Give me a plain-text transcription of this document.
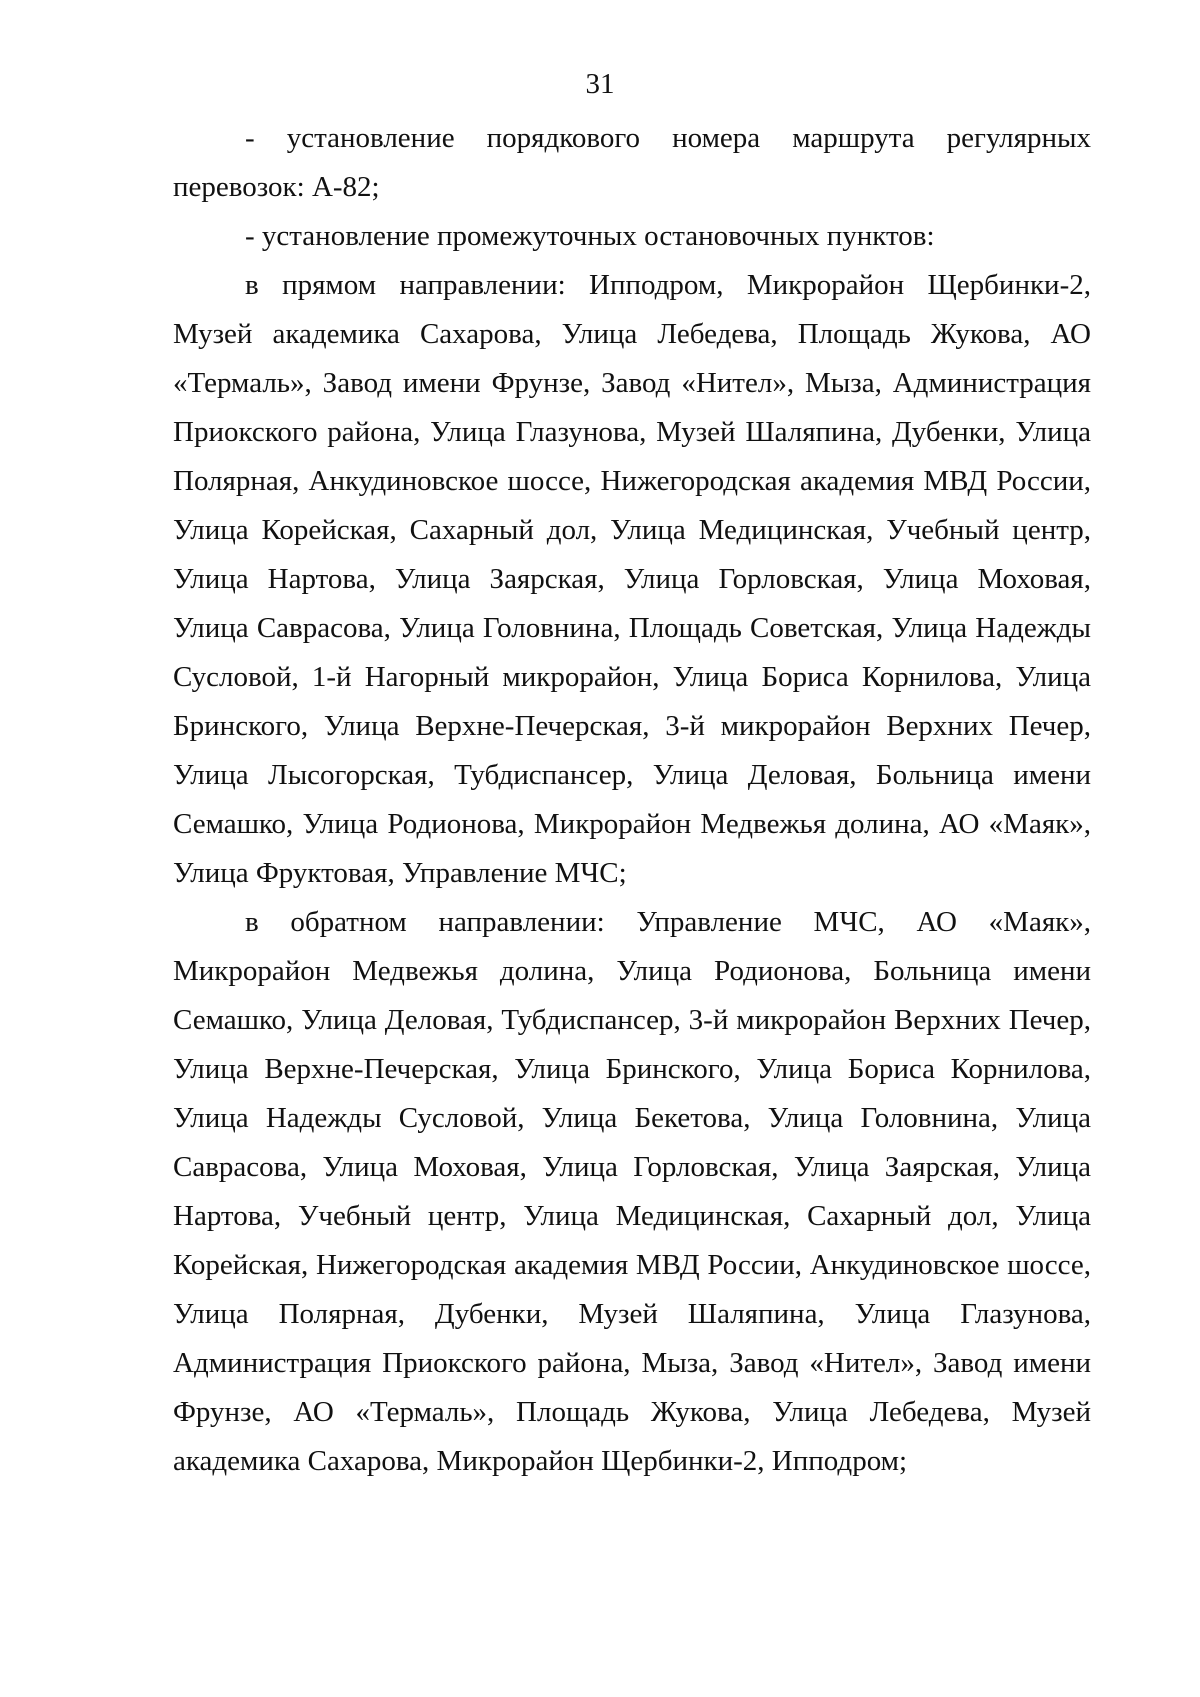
31

- установление порядкового номера маршрута регулярных перевозок: А-82;

- установление промежуточных остановочных пунктов:

в прямом направлении: Ипподром, Микрорайон Щербинки-2, Музей академика Сахарова, Улица Лебедева, Площадь Жукова, АО «Термаль», Завод имени Фрунзе, Завод «Нител», Мыза, Администрация Приокского района, Улица Глазунова, Музей Шаляпина, Дубенки, Улица Полярная, Анкудиновское шоссе, Нижегородская академия МВД России, Улица Корейская, Сахарный дол, Улица Медицинская, Учебный центр, Улица Нартова, Улица Заярская, Улица Горловская, Улица Моховая, Улица Саврасова, Улица Головнина, Площадь Советская, Улица Надежды Сусловой, 1-й Нагорный микрорайон, Улица Бориса Корнилова, Улица Бринского, Улица Верхне-Печерская, 3-й микрорайон Верхних Печер, Улица Лысогорская, Тубдиспансер, Улица Деловая, Больница имени Семашко, Улица Родионова, Микрорайон Медвежья долина, АО «Маяк», Улица Фруктовая, Управление МЧС;

в обратном направлении: Управление МЧС, АО «Маяк», Микрорайон Медвежья долина, Улица Родионова, Больница имени Семашко, Улица Деловая, Тубдиспансер, 3-й микрорайон Верхних Печер, Улица Верхне-Печерская, Улица Бринского, Улица Бориса Корнилова, Улица Надежды Сусловой, Улица Бекетова, Улица Головнина, Улица Саврасова, Улица Моховая, Улица Горловская, Улица Заярская, Улица Нартова, Учебный центр, Улица Медицинская, Сахарный дол, Улица Корейская, Нижегородская академия МВД России, Анкудиновское шоссе, Улица Полярная, Дубенки, Музей Шаляпина, Улица Глазунова, Администрация Приокского района, Мыза, Завод «Нител», Завод имени Фрунзе, АО «Термаль», Площадь Жукова, Улица Лебедева, Музей академика Сахарова, Микрорайон Щербинки-2, Ипподром;
